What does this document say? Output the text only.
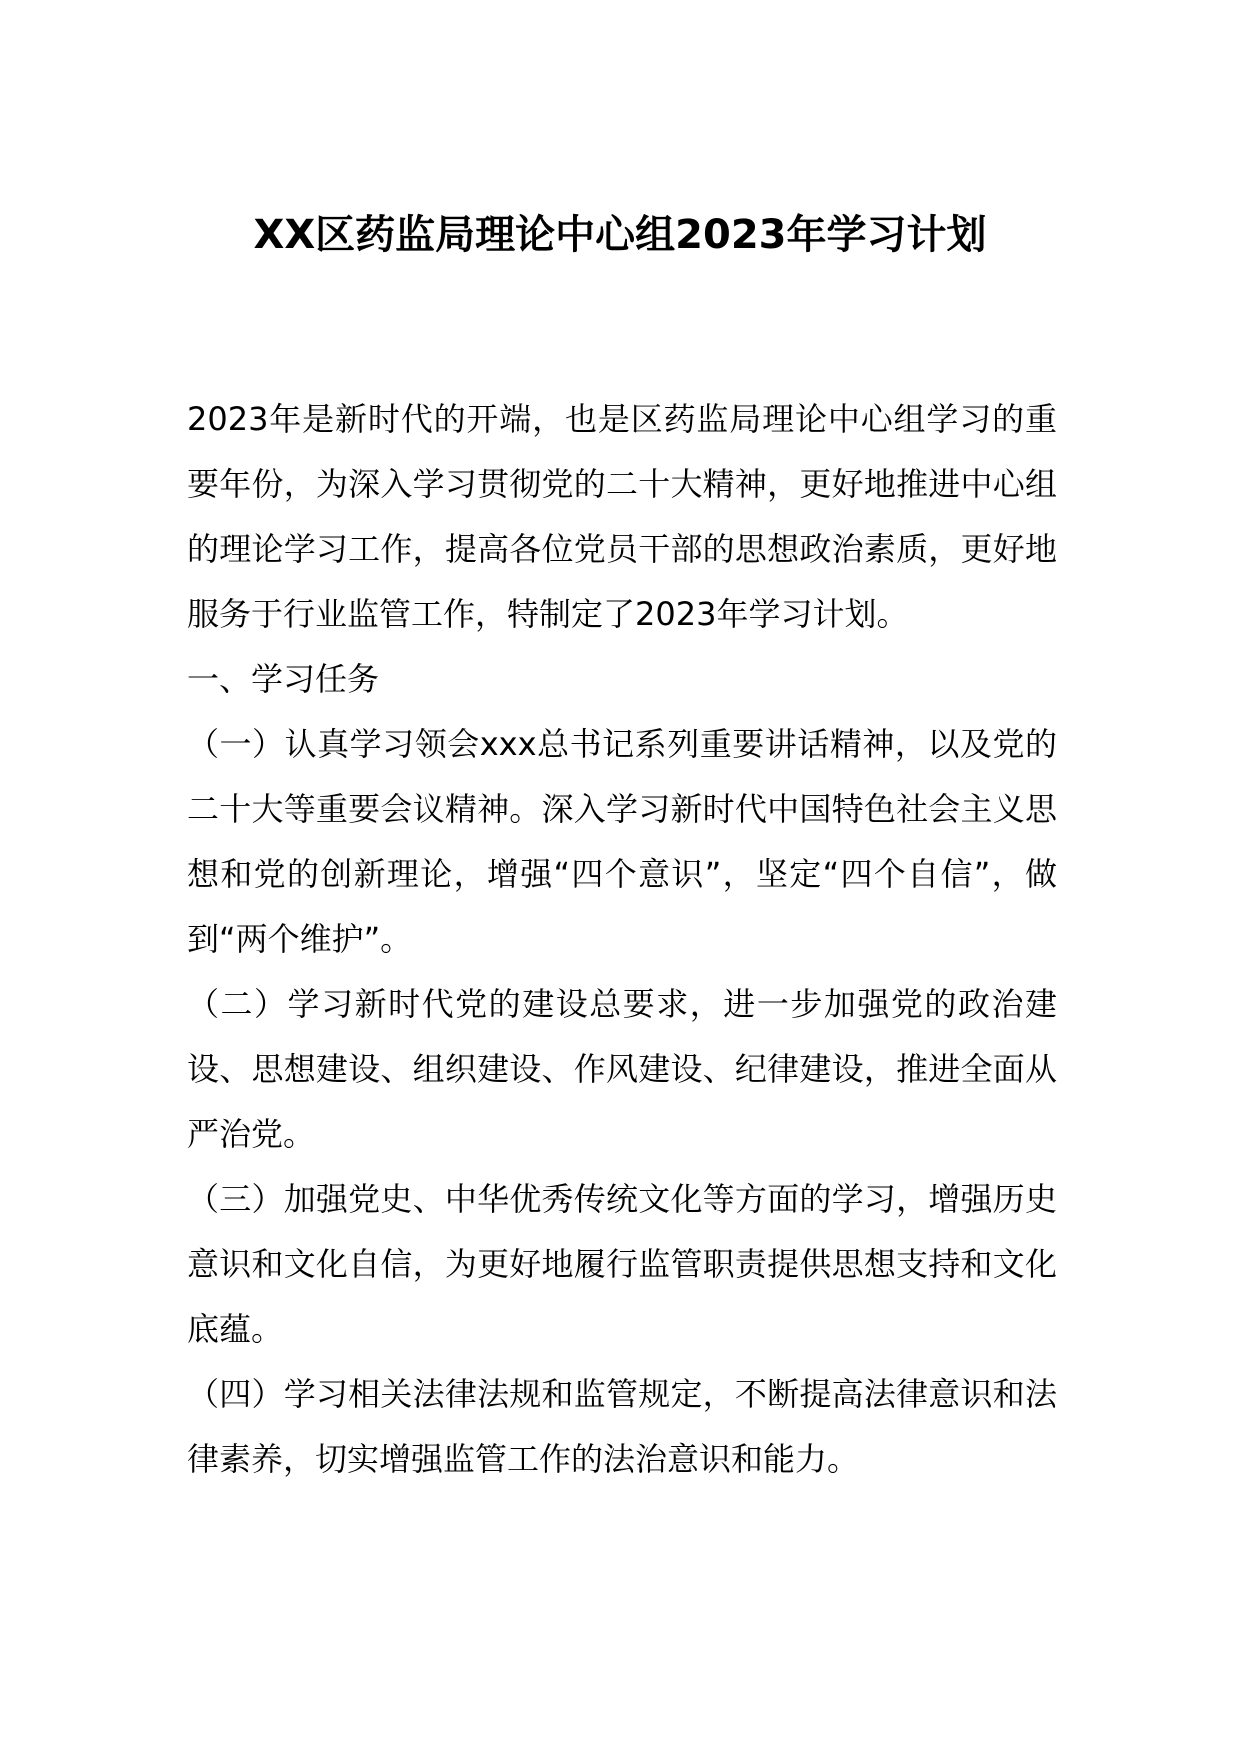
XX区药监局理论中心组2023年学习计划

2023年是新时代的开端，也是区药监局理论中心组学习的重要年份，为深入学习贯彻党的二十大精神，更好地推进中心组的理论学习工作，提高各位党员干部的思想政治素质，更好地服务于行业监管工作，特制定了2023年学习计划。

一、学习任务

（一）认真学习领会xxx总书记系列重要讲话精神，以及党的二十大等重要会议精神。深入学习新时代中国特色社会主义思想和党的创新理论，增强“四个意识”，坚定“四个自信”，做到“两个维护”。

（二）学习新时代党的建设总要求，进一步加强党的政治建设、思想建设、组织建设、作风建设、纪律建设，推进全面从严治党。

（三）加强党史、中华优秀传统文化等方面的学习，增强历史意识和文化自信，为更好地履行监管职责提供思想支持和文化底蕴。

（四）学习相关法律法规和监管规定，不断提高法律意识和法律素养，切实增强监管工作的法治意识和能力。
